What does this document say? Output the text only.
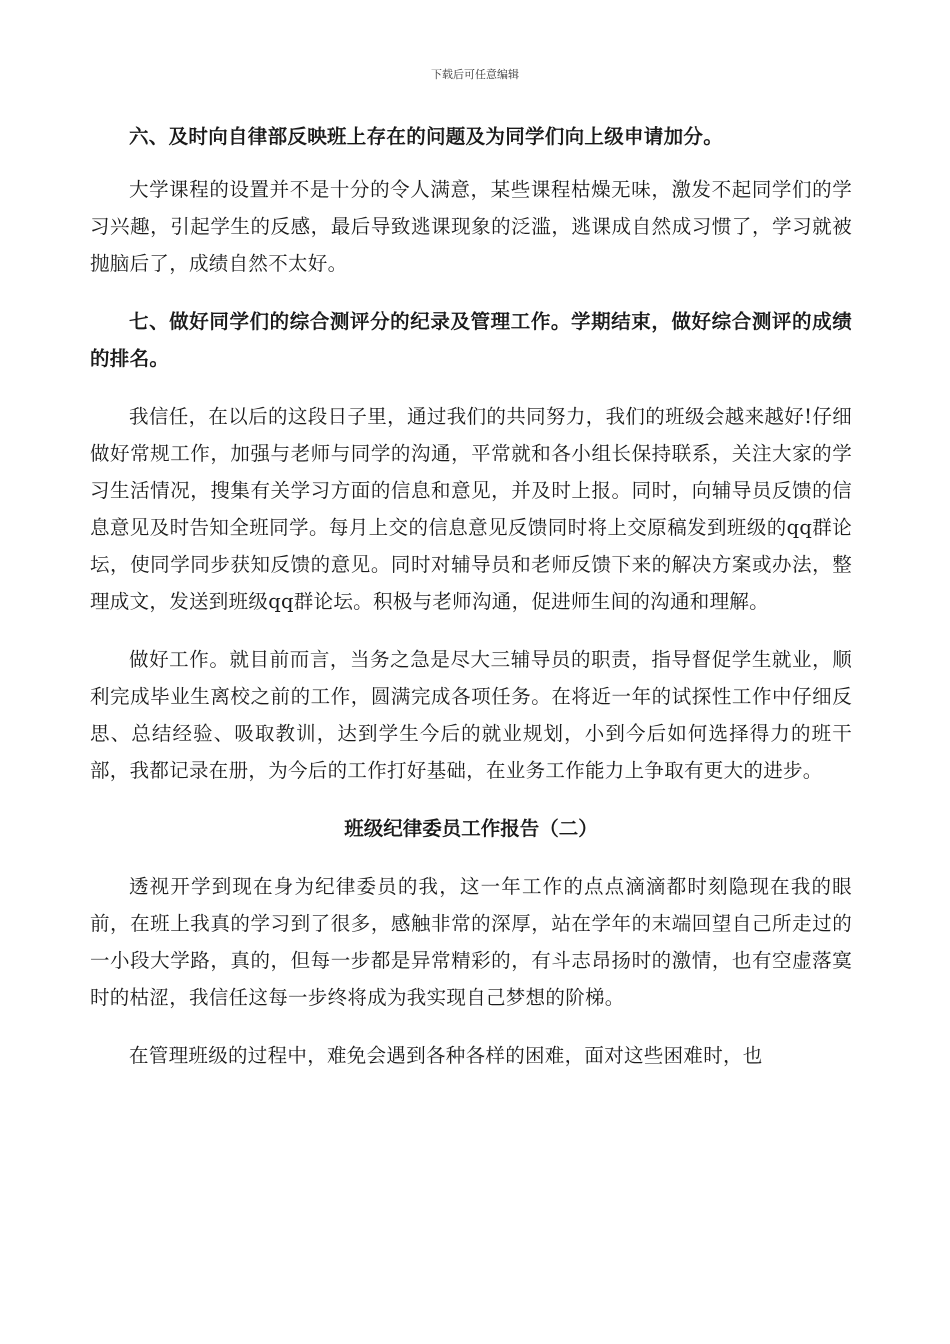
下载后可任意编辑

六、及时向自律部反映班上存在的问题及为同学们向上级申请加分。

大学课程的设置并不是十分的令人满意，某些课程枯燥无味，激发不起同学们的学习兴趣，引起学生的反感，最后导致逃课现象的泛滥，逃课成自然成习惯了，学习就被抛脑后了，成绩自然不太好。

七、做好同学们的综合测评分的纪录及管理工作。学期结束，做好综合测评的成绩的排名。

我信任，在以后的这段日子里，通过我们的共同努力，我们的班级会越来越好!仔细做好常规工作，加强与老师与同学的沟通，平常就和各小组长保持联系，关注大家的学习生活情况，搜集有关学习方面的信息和意见，并及时上报。同时，向辅导员反馈的信息意见及时告知全班同学。每月上交的信息意见反馈同时将上交原稿发到班级的qq群论坛，使同学同步获知反馈的意见。同时对辅导员和老师反馈下来的解决方案或办法，整理成文，发送到班级qq群论坛。积极与老师沟通，促进师生间的沟通和理解。

做好工作。就目前而言，当务之急是尽大三辅导员的职责，指导督促学生就业，顺利完成毕业生离校之前的工作，圆满完成各项任务。在将近一年的试探性工作中仔细反思、总结经验、吸取教训，达到学生今后的就业规划，小到今后如何选择得力的班干部，我都记录在册，为今后的工作打好基础，在业务工作能力上争取有更大的进步。

班级纪律委员工作报告（二）

透视开学到现在身为纪律委员的我，这一年工作的点点滴滴都时刻隐现在我的眼前，在班上我真的学习到了很多，感触非常的深厚，站在学年的末端回望自己所走过的一小段大学路，真的，但每一步都是异常精彩的，有斗志昂扬时的激情，也有空虚落寞时的枯涩，我信任这每一步终将成为我实现自己梦想的阶梯。

在管理班级的过程中，难免会遇到各种各样的困难，面对这些困难时，也
